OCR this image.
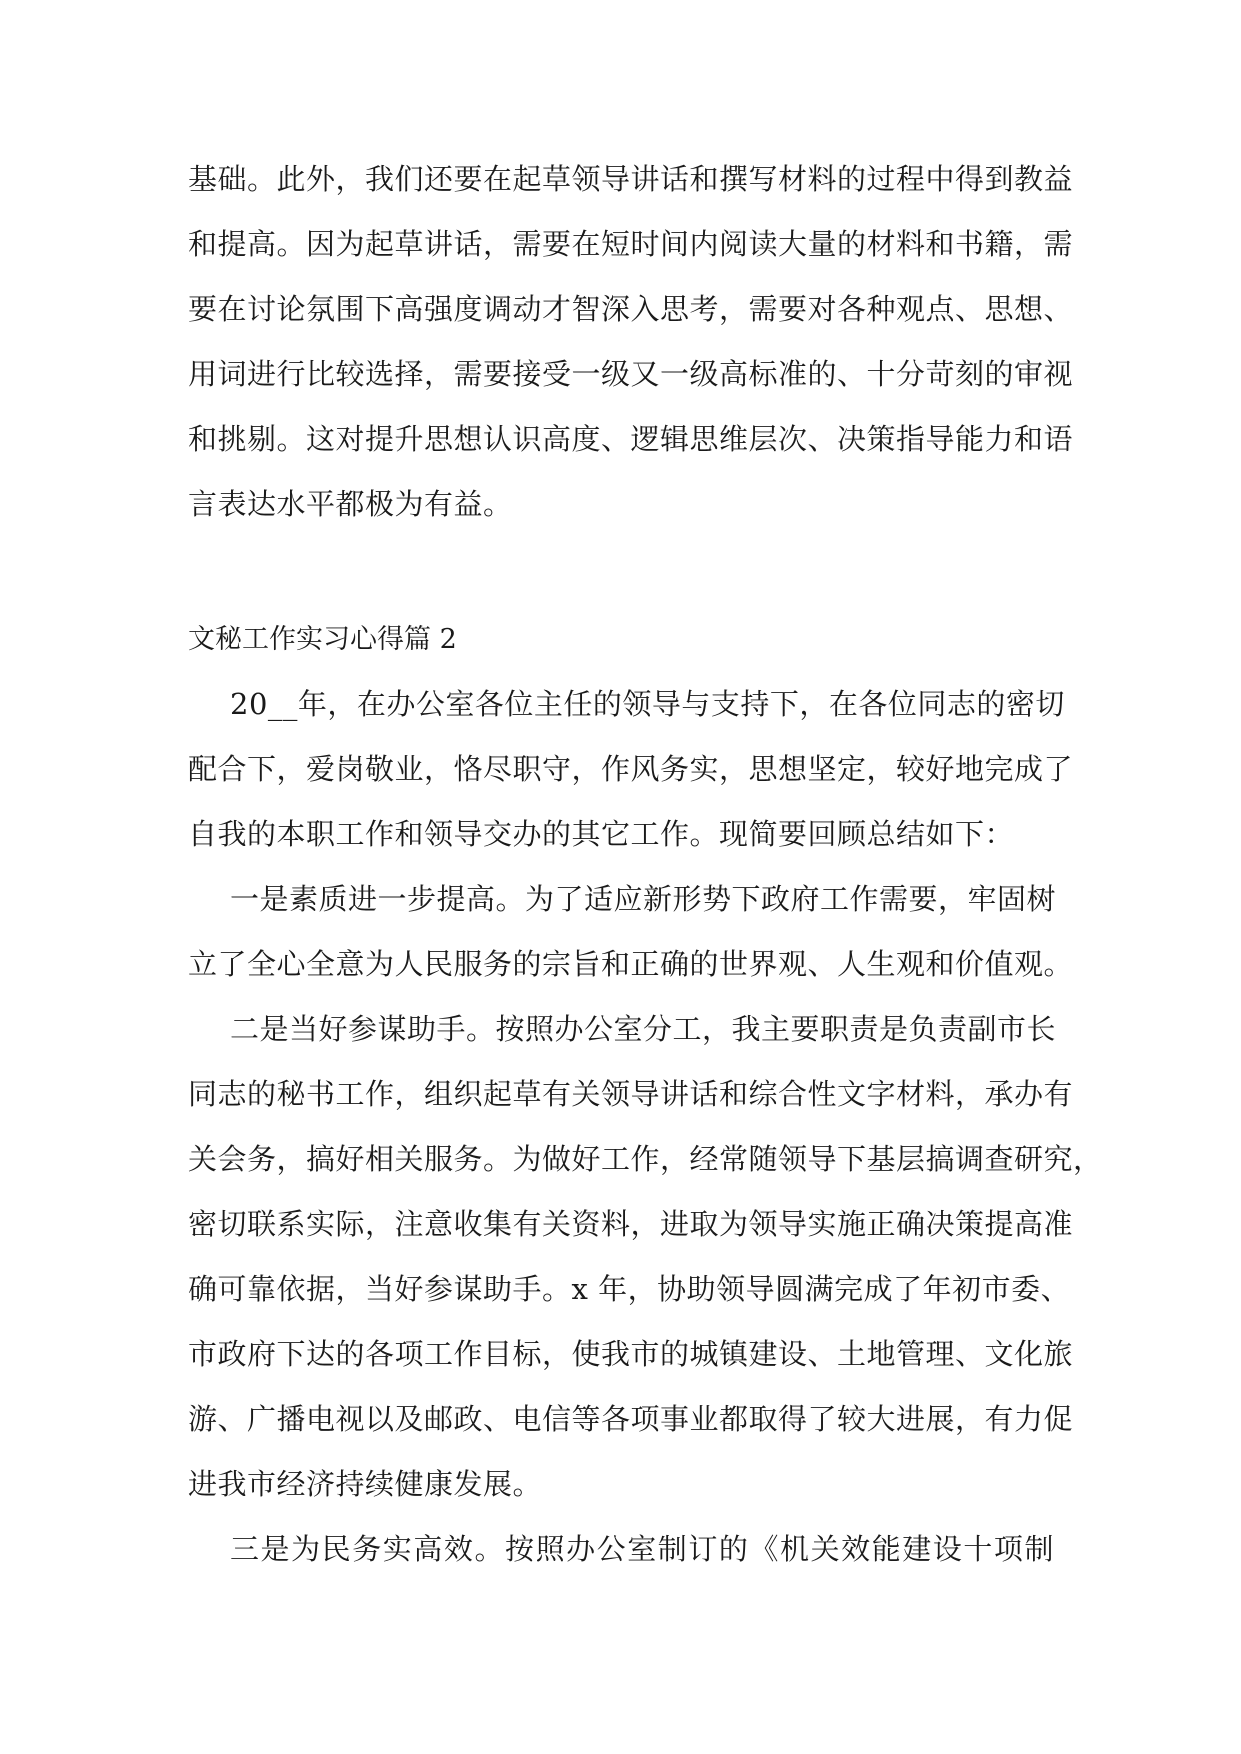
基础。此外，我们还要在起草领导讲话和撰写材料的过程中得到教益
和提高。因为起草讲话，需要在短时间内阅读大量的材料和书籍，需
要在讨论氛围下高强度调动才智深入思考，需要对各种观点、思想、
用词进行比较选择，需要接受一级又一级高标准的、十分苛刻的审视
和挑剔。这对提升思想认识高度、逻辑思维层次、决策指导能力和语
言表达水平都极为有益。
文秘工作实习心得篇 2
20__年，在办公室各位主任的领导与支持下，在各位同志的密切
配合下，爱岗敬业，恪尽职守，作风务实，思想坚定，较好地完成了
自我的本职工作和领导交办的其它工作。现简要回顾总结如下：
一是素质进一步提高。为了适应新形势下政府工作需要，牢固树
立了全心全意为人民服务的宗旨和正确的世界观、人生观和价值观。
二是当好参谋助手。按照办公室分工，我主要职责是负责副市长
同志的秘书工作，组织起草有关领导讲话和综合性文字材料，承办有
关会务，搞好相关服务。为做好工作，经常随领导下基层搞调查研究，
密切联系实际，注意收集有关资料，进取为领导实施正确决策提高准
确可靠依据，当好参谋助手。x 年，协助领导圆满完成了年初市委、
市政府下达的各项工作目标，使我市的城镇建设、土地管理、文化旅
游、广播电视以及邮政、电信等各项事业都取得了较大进展，有力促
进我市经济持续健康发展。
三是为民务实高效。按照办公室制订的《机关效能建设十项制
